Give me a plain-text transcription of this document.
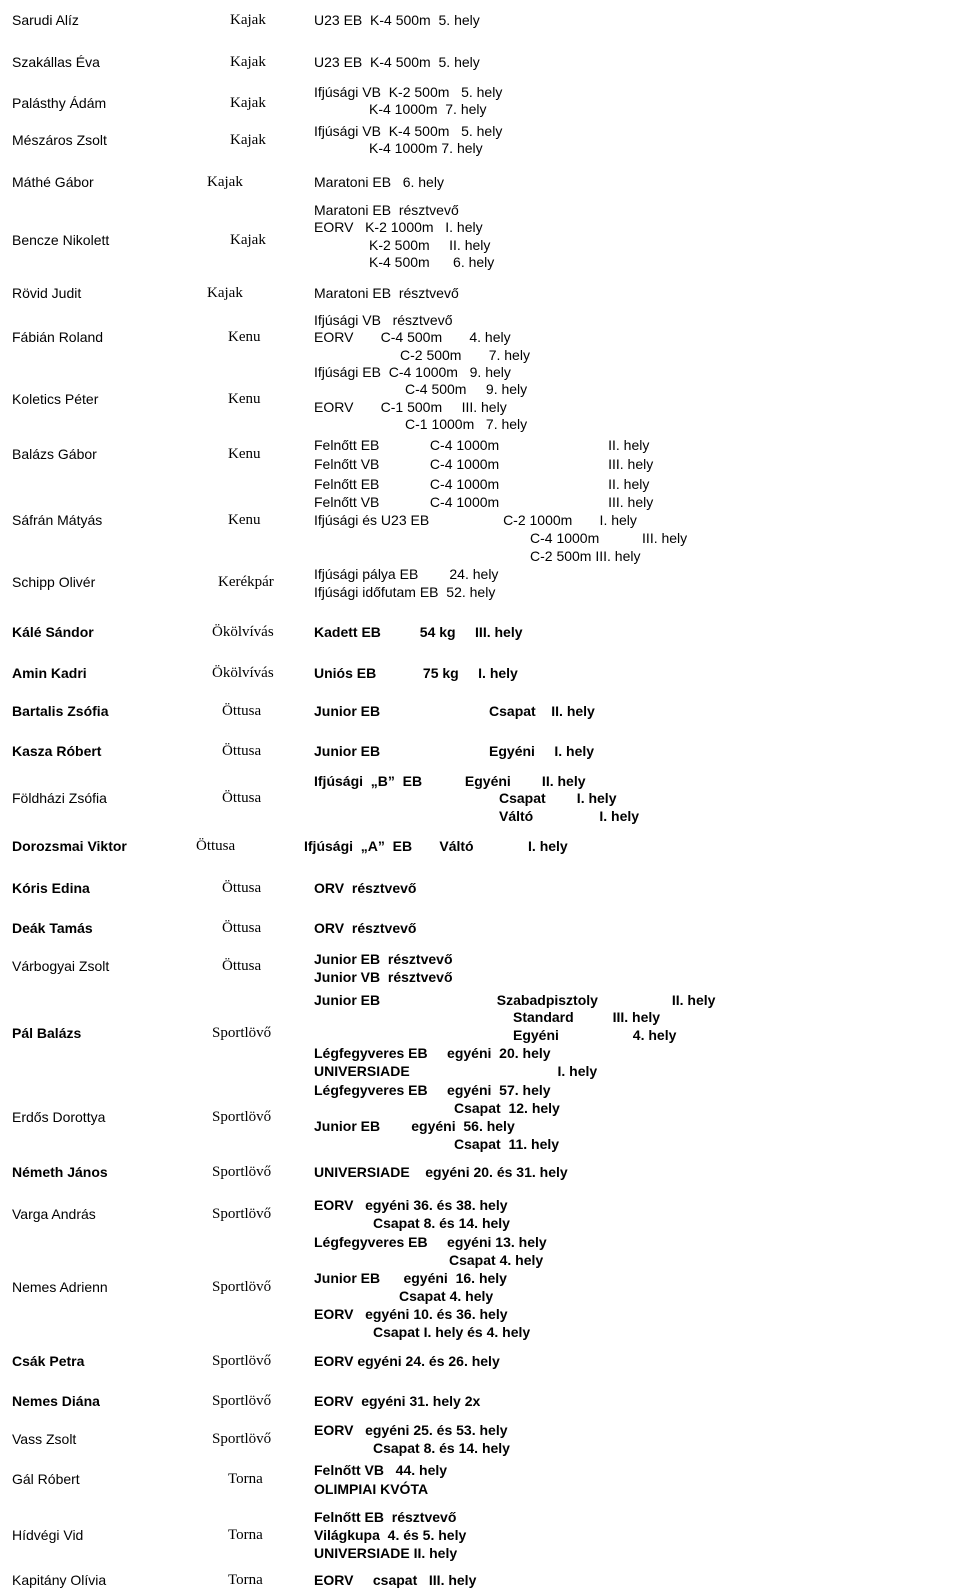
Sarudi Alíz	Kajak	U23 EB  K-4 500m  5. hely
Szakállas Éva	Kajak	U23 EB  K-4 500m  5. hely
Palásthy Ádám	Kajak
Ifjúsági VB  K-2 500m   5. hely
K-4 1000m  7. hely
Mészáros Zsolt	Kajak
Ifjúsági VB  K-4 500m   5. hely
K-4 1000m 7. hely
Máthé Gábor	Kajak	Maratoni EB   6. hely
Bencze Nikolett	Kajak
Maratoni EB  résztvevő
EORV   K-2 1000m   I. hely
K-2 500m     II. hely
K-4 500m      6. hely
Rövid Judit	Kajak	Maratoni EB  résztvevő
Fábián Roland	Kenu
Ifjúsági VB   résztvevő
EORV       C-4 500m       4. hely
C-2 500m       7. hely
Ifjúsági EB  C-4 1000m   9. hely
Koletics Péter	Kenu
C-4 500m     9. hely
EORV       C-1 500m     III. hely
C-1 1000m   7. hely
Balázs Gábor	Kenu
Felnőtt EB             C-4 1000m                            II. hely
Felnőtt VB             C-4 1000m                            III. hely
Sáfrán Mátyás	Kenu
Felnőtt EB             C-4 1000m                            II. hely
Felnőtt VB             C-4 1000m                            III. hely
Ifjúsági és U23 EB                   C-2 1000m       I. hely
C-4 1000m           III. hely
C-2 500m III. hely
Schipp Olivér	Kerékpár	Ifjúsági pálya EB        24. hely
Ifjúsági időfutam EB  52. hely
Kálé Sándor	Ökölvívás	Kadett EB          54 kg     III. hely
Amin Kadri	Ökölvívás	Uniós EB            75 kg     I. hely
Bartalis Zsófia	Öttusa	Junior EB                            Csapat    II. hely
Kasza Róbert	Öttusa	Junior EB                            Egyéni     I. hely
Földházi Zsófia	Öttusa
Ifjúsági  „B”  EB           Egyéni        II. hely
Csapat        I. hely
Váltó                 I. hely
Dorozsmai Viktor	Öttusa	Ifjúsági  „A”  EB       Váltó              I. hely
Kóris Edina	Öttusa	ORV  résztvevő
Deák Tamás	Öttusa	ORV  résztvevő
Várbogyai Zsolt	Öttusa	Junior EB  résztvevő
Junior VB  résztvevő
Pál Balázs	Sportlövő
Junior EB                              Szabadpisztoly                   II. hely
Standard          III. hely
Egyéni                   4. hely
Légfegyveres EB     egyéni  20. hely
UNIVERSIADE                                      I. hely
Erdős Dorottya	Sportlövő
Légfegyveres EB     egyéni  57. hely
Csapat  12. hely
Junior EB        egyéni  56. hely
Csapat  11. hely
Németh János	Sportlövő	UNIVERSIADE    egyéni 20. és 31. hely
Varga András	Sportlövő
EORV   egyéni 36. és 38. hely
Csapat 8. és 14. hely
Nemes Adrienn	Sportlövő
Légfegyveres EB     egyéni 13. hely
Csapat 4. hely
Junior EB      egyéni  16. hely
Csapat 4. hely
EORV   egyéni 10. és 36. hely
Csapat I. hely és 4. hely
Csák Petra	Sportlövő	EORV egyéni 24. és 26. hely
Nemes Diána	Sportlövő	EORV  egyéni 31. hely 2x
Vass Zsolt	Sportlövő
EORV   egyéni 25. és 53. hely
Csapat 8. és 14. hely
Gál Róbert	Torna
Felnőtt VB   44. hely
OLIMPIAI KVÓTA
Hídvégi Vid	Torna
Felnőtt EB  résztvevő
Világkupa  4. és 5. hely
UNIVERSIADE II. hely
Kapitány Olívia	Torna	EORV     csapat   III. hely
